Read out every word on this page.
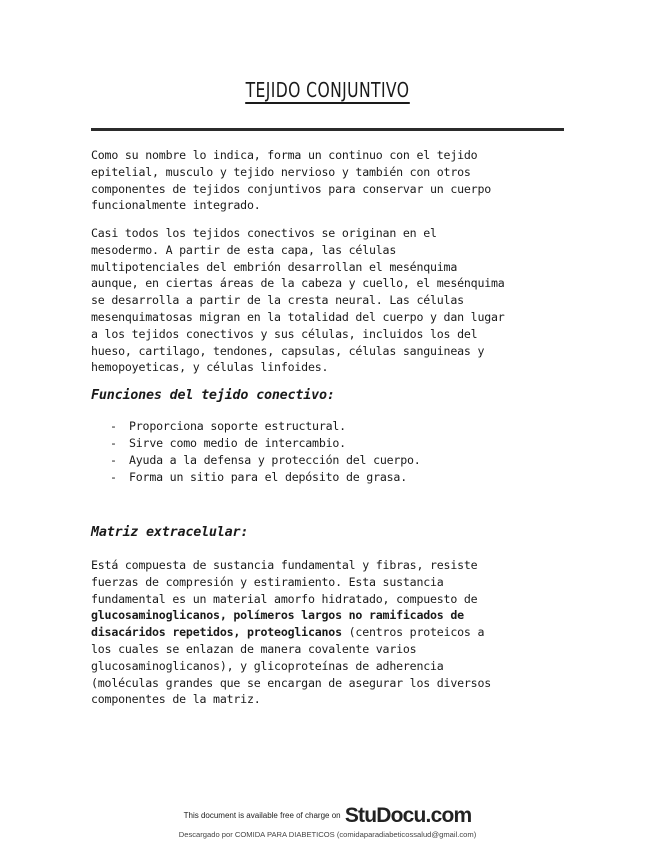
TEJIDO CONJUNTIVO

Como su nombre lo indica, forma un continuo con el tejido
epitelial, musculo y tejido nervioso y también con otros
componentes de tejidos conjuntivos para conservar un cuerpo
funcionalmente integrado.

Casi todos los tejidos conectivos se originan en el
mesodermo. A partir de esta capa, las células
multipotenciales del embrión desarrollan el mesénquima
aunque, en ciertas áreas de la cabeza y cuello, el mesénquima
se desarrolla a partir de la cresta neural. Las células
mesenquimatosas migran en la totalidad del cuerpo y dan lugar
a los tejidos conectivos y sus células, incluidos los del
hueso, cartilago, tendones, capsulas, células sanguineas y
hemopoyeticas, y células linfoides.

Funciones del tejido conectivo:
- Proporciona soporte estructural.
- Sirve como medio de intercambio.
- Ayuda a la defensa y protección del cuerpo.
- Forma un sitio para el depósito de grasa.
Matriz extracelular:

Está compuesta de sustancia fundamental y fibras, resiste
fuerzas de compresión y estiramiento. Esta sustancia
fundamental es un material amorfo hidratado, compuesto de
glucosaminoglicanos, polímeros largos no ramificados de
disacáridos repetidos, proteoglicanos (centros proteicos a
los cuales se enlazan de manera covalente varios
glucosaminoglicanos), y glicoproteínas de adherencia
(moléculas grandes que se encargan de asegurar los diversos
componentes de la matriz.

This document is available free of charge on StuDocu.com
Descargado por COMIDA PARA DIABETICOS (comidaparadiabeticossalud@gmail.com)
